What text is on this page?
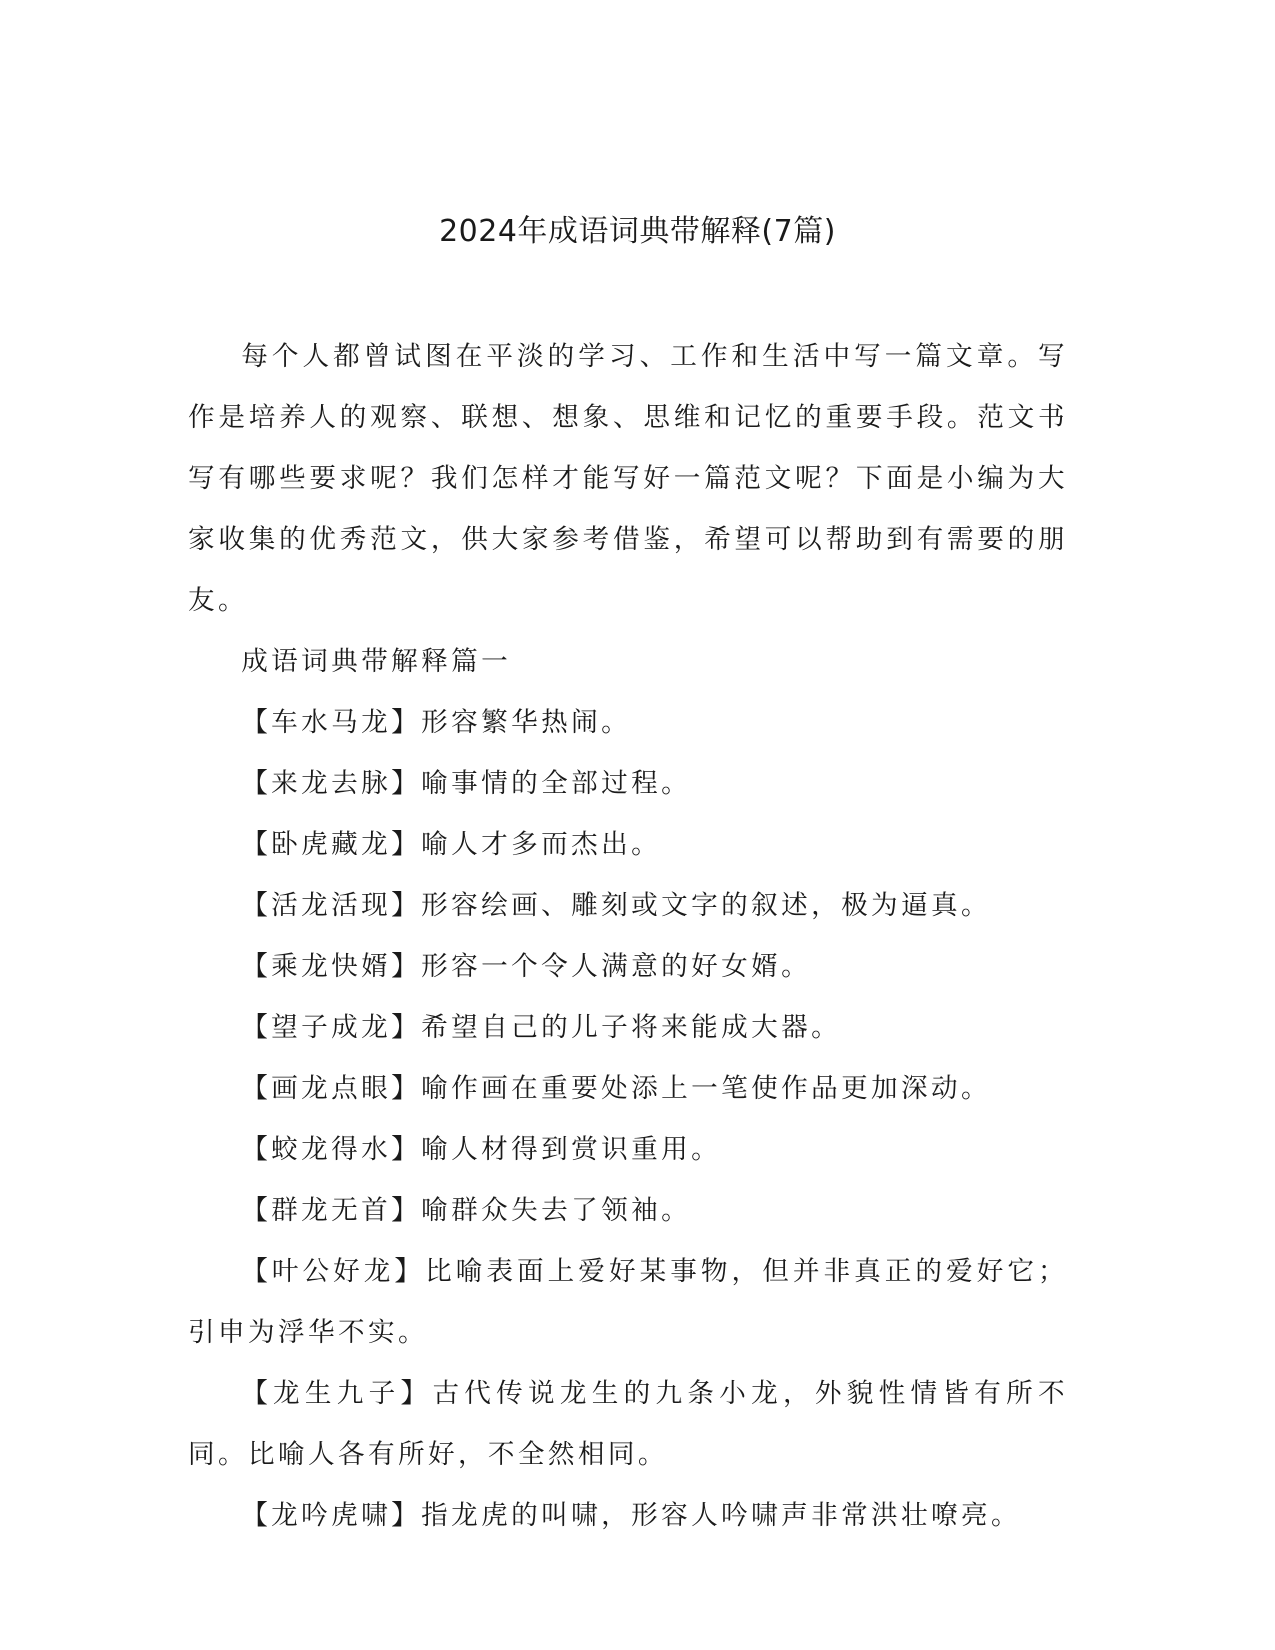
2024年成语词典带解释(7篇)

每个人都曾试图在平淡的学习、工作和生活中写一篇文章。写作是培养人的观察、联想、想象、思维和记忆的重要手段。范文书写有哪些要求呢？我们怎样才能写好一篇范文呢？下面是小编为大家收集的优秀范文，供大家参考借鉴，希望可以帮助到有需要的朋友。

成语词典带解释篇一

【车水马龙】形容繁华热闹。

【来龙去脉】喻事情的全部过程。

【卧虎藏龙】喻人才多而杰出。

【活龙活现】形容绘画、雕刻或文字的叙述，极为逼真。

【乘龙快婿】形容一个令人满意的好女婿。

【望子成龙】希望自己的儿子将来能成大器。

【画龙点眼】喻作画在重要处添上一笔使作品更加深动。

【蛟龙得水】喻人材得到赏识重用。

【群龙无首】喻群众失去了领袖。

【叶公好龙】比喻表面上爱好某事物，但并非真正的爱好它；引申为浮华不实。

【龙生九子】古代传说龙生的九条小龙，外貌性情皆有所不同。比喻人各有所好，不全然相同。

【龙吟虎啸】指龙虎的叫啸，形容人吟啸声非常洪壮嘹亮。
